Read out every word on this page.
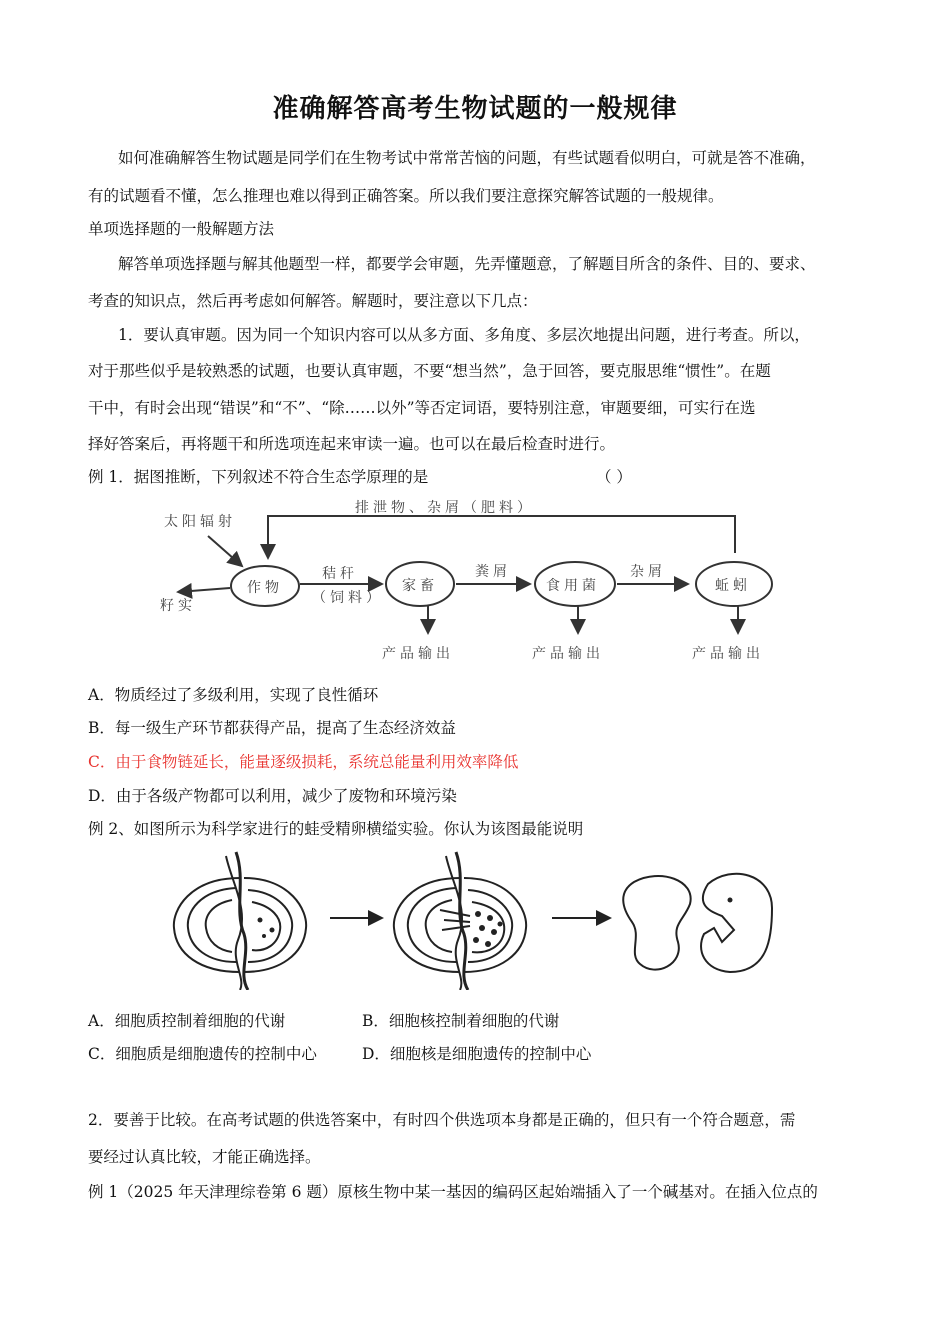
准确解答高考生物试题的一般规律
如何准确解答生物试题是同学们在生物考试中常常苦恼的问题，有些试题看似明白，可就是答不准确，
有的试题看不懂，怎么推理也难以得到正确答案。所以我们要注意探究解答试题的一般规律。
单项选择题的一般解题方法
解答单项选择题与解其他题型一样，都要学会审题，先弄懂题意，了解题目所含的条件、目的、要求、
考查的知识点，然后再考虑如何解答。解题时，要注意以下几点：
1．要认真审题。因为同一个知识内容可以从多方面、多角度、多层次地提出问题，进行考查。所以，
对于那些似乎是较熟悉的试题，也要认真审题，不要“想当然”，急于回答，要克服思维“惯性”。在题
干中，有时会出现“错误”和“不”、“除……以外”等否定词语，要特别注意，审题要细，可实行在选
择好答案后，再将题干和所选项连起来审读一遍。也可以在最后检查时进行。
例 1．据图推断，下列叙述不符合生态学原理的是	（ ）
太阳辐射
排泄物、杂屑（肥料）
作物
籽实
秸秆
（饲料）
家畜
粪屑
食用菌
杂屑
蚯蚓
产品输出	产品输出	产品输出
A．物质经过了多级利用，实现了良性循环
B．每一级生产环节都获得产品，提高了生态经济效益
C．由于食物链延长，能量逐级损耗，系统总能量利用效率降低
D．由于各级产物都可以利用，减少了废物和环境污染
例 2、如图所示为科学家进行的蛙受精卵横缢实验。你认为该图最能说明
A．细胞质控制着细胞的代谢	B．细胞核控制着细胞的代谢
C．细胞质是细胞遗传的控制中心	D．细胞核是细胞遗传的控制中心
2．要善于比较。在高考试题的供选答案中，有时四个供选项本身都是正确的，但只有一个符合题意，需
要经过认真比较，才能正确选择。
例 1（2025 年天津理综卷第 6 题）原核生物中某一基因的编码区起始端插入了一个碱基对。在插入位点的
